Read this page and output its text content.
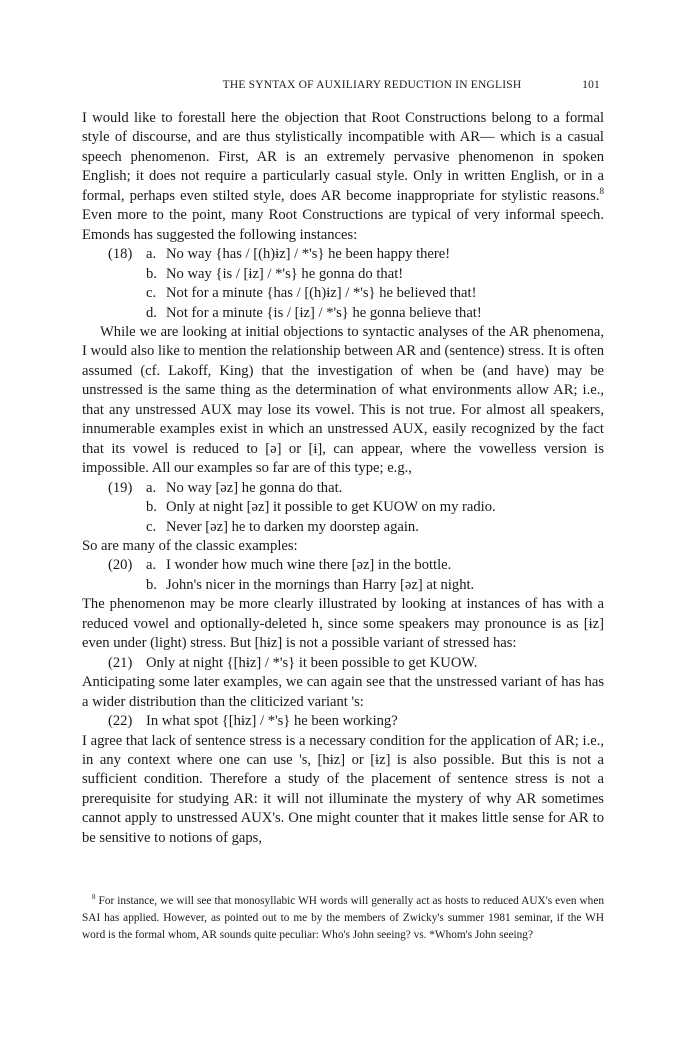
THE SYNTAX OF AUXILIARY REDUCTION IN ENGLISH	101

I would like to forestall here the objection that Root Constructions belong to a formal style of discourse, and are thus stylistically incompatible with AR— which is a casual speech phenomenon. First, AR is an extremely pervasive phenomenon in spoken English; it does not require a particularly casual style. Only in written English, or in a formal, perhaps even stilted style, does AR become inappropriate for stylistic reasons.$^8$ Even more to the point, many Root Constructions are typical of very informal speech. Emonds has suggested the following instances:

(18) a. No way {has / [(h)ɨz] / *'s} he been happy there!
b. No way {is / [ɨz] / *'s} he gonna do that!
c. Not for a minute {has / [(h)ɨz] / *'s} he believed that!
d. Not for a minute {is / [ɨz] / *'s} he gonna believe that!

While we are looking at initial objections to syntactic analyses of the AR phenomena, I would also like to mention the relationship between AR and (sentence) stress. It is often assumed (cf. Lakoff, King) that the investigation of when be (and have) may be unstressed is the same thing as the determination of what environments allow AR; i.e., that any unstressed AUX may lose its vowel. This is not true. For almost all speakers, innumerable examples exist in which an unstressed AUX, easily recognized by the fact that its vowel is reduced to [ə] or [ɨ], can appear, where the vowelless version is impossible. All our examples so far are of this type; e.g.,

(19) a. No way [əz] he gonna do that.
b. Only at night [əz] it possible to get KUOW on my radio.
c. Never [əz] he to darken my doorstep again.

So are many of the classic examples:

(20) a. I wonder how much wine there [əz] in the bottle.
b. John's nicer in the mornings than Harry [əz] at night.

The phenomenon may be more clearly illustrated by looking at instances of has with a reduced vowel and optionally-deleted h, since some speakers may pronounce is as [ɨz] even under (light) stress. But [hɨz] is not a possible variant of stressed has:

(21) Only at night {[hɨz] / *'s} it been possible to get KUOW.

Anticipating some later examples, we can again see that the unstressed variant of has has a wider distribution than the cliticized variant 's:

(22) In what spot {[hɨz] / *'s} he been working?

I agree that lack of sentence stress is a necessary condition for the application of AR; i.e., in any context where one can use 's, [hɨz] or [ɨz] is also possible. But this is not a sufficient condition. Therefore a study of the placement of sentence stress is not a prerequisite for studying AR: it will not illuminate the mystery of why AR sometimes cannot apply to unstressed AUX's. One might counter that it makes little sense for AR to be sensitive to notions of gaps,

$^8$ For instance, we will see that monosyllabic WH words will generally act as hosts to reduced AUX's even when SAI has applied. However, as pointed out to me by the members of Zwicky's summer 1981 seminar, if the WH word is the formal whom, AR sounds quite peculiar: Who's John seeing? vs. *Whom's John seeing?
